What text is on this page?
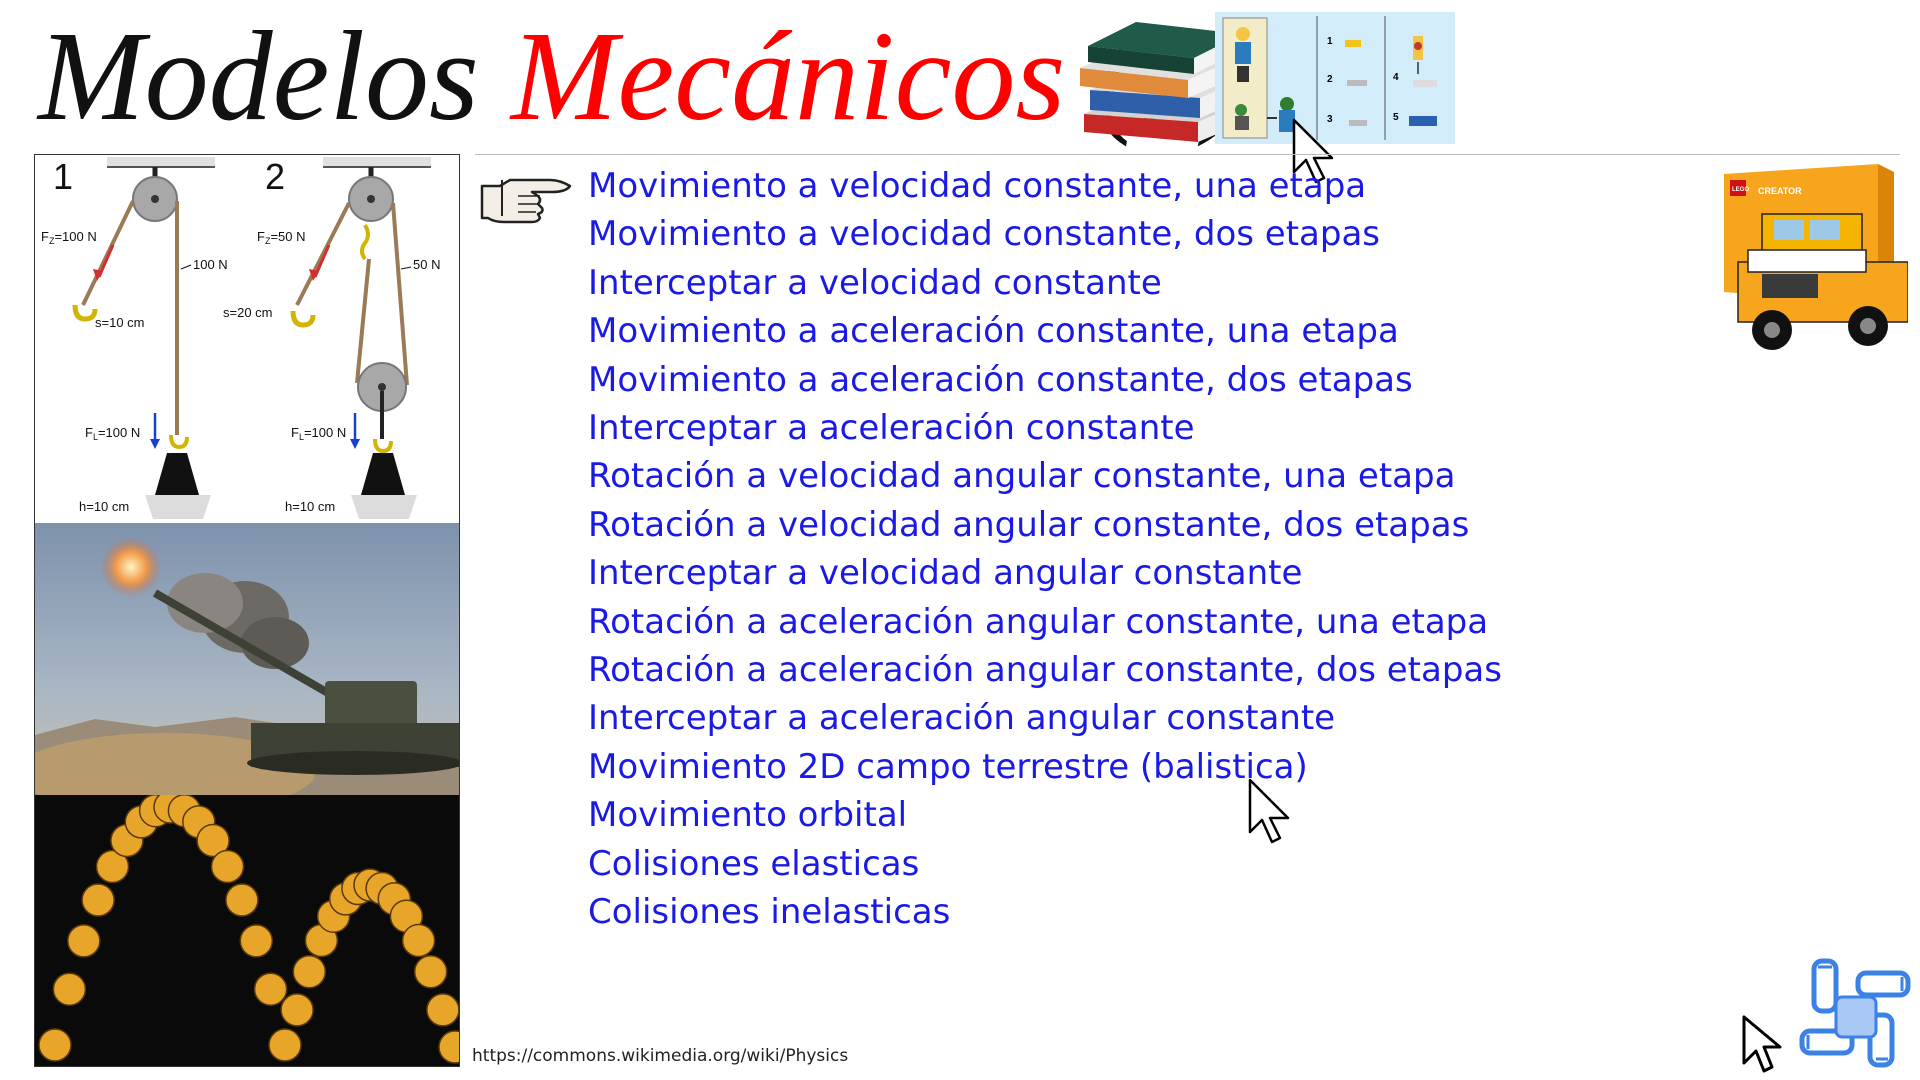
Modelos Mecánicos	1
2
3
4
5
1	2
$F_Z=100$ N
100 N
s=10 cm
$F_L=100$ N
h=10 cm
$F_Z=50$ N
50 N
s=20 cm
$F_L=100$ N
h=10 cm
Movimiento a velocidad constante, una etapa
Movimiento a velocidad constante, dos etapas
Interceptar a velocidad constante
Movimiento a aceleración constante, una etapa
Movimiento a aceleración constante, dos etapas
Interceptar a aceleración constante
Rotación a velocidad angular constante, una etapa
Rotación a velocidad angular constante, dos etapas
Interceptar a velocidad angular constante
Rotación a aceleración angular constante, una etapa
Rotación a aceleración angular constante, dos etapas
Interceptar a aceleración angular constante
Movimiento 2D campo terrestre (balistica)
Movimiento orbital
Colisiones elasticas
Colisiones inelasticas
LEGO CREATOR
https://commons.wikimedia.org/wiki/Physics
